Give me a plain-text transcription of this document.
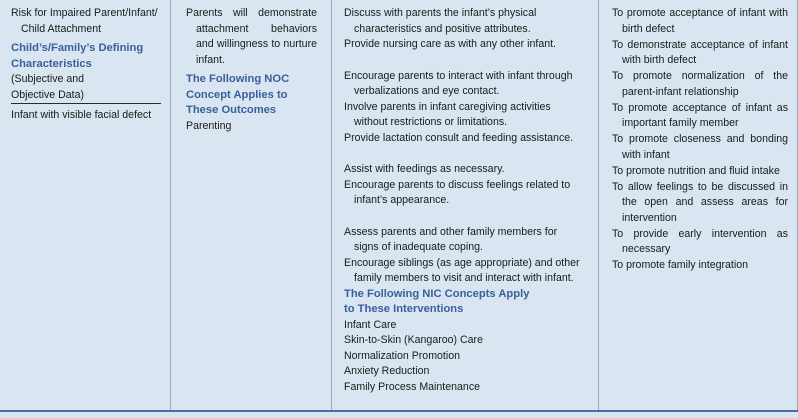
Risk for Impaired Parent/Infant/
Child Attachment
Child’s/Family’s Defining
Characteristics
(Subjective and
Objective Data)
Infant with visible facial defect
Parents will demonstrate attachment behaviors and willingness to nurture infant.
The Following NOC
Concept Applies to
These Outcomes
Parenting
Discuss with parents the infant’s physical characteristics and positive attributes.
Provide nursing care as with any other infant.
Encourage parents to interact with infant through verbalizations and eye contact.
Involve parents in infant caregiving activities without restrictions or limitations.
Provide lactation consult and feeding assistance.
Assist with feedings as necessary.
Encourage parents to discuss feelings related to infant’s appearance.
Assess parents and other family members for signs of inadequate coping.
Encourage siblings (as age appropriate) and other family members to visit and interact with infant.
The Following NIC Concepts Apply
to These Interventions
Infant Care
Skin-to-Skin (Kangaroo) Care
Normalization Promotion
Anxiety Reduction
Family Process Maintenance
To promote acceptance of infant with birth defect
To demonstrate acceptance of infant with birth defect
To promote normalization of the parent-infant relationship
To promote acceptance of infant as important family member
To promote closeness and bonding with infant
To promote nutrition and fluid intake
To allow feelings to be discussed in the open and assess areas for intervention
To provide early intervention as necessary
To promote family integration
